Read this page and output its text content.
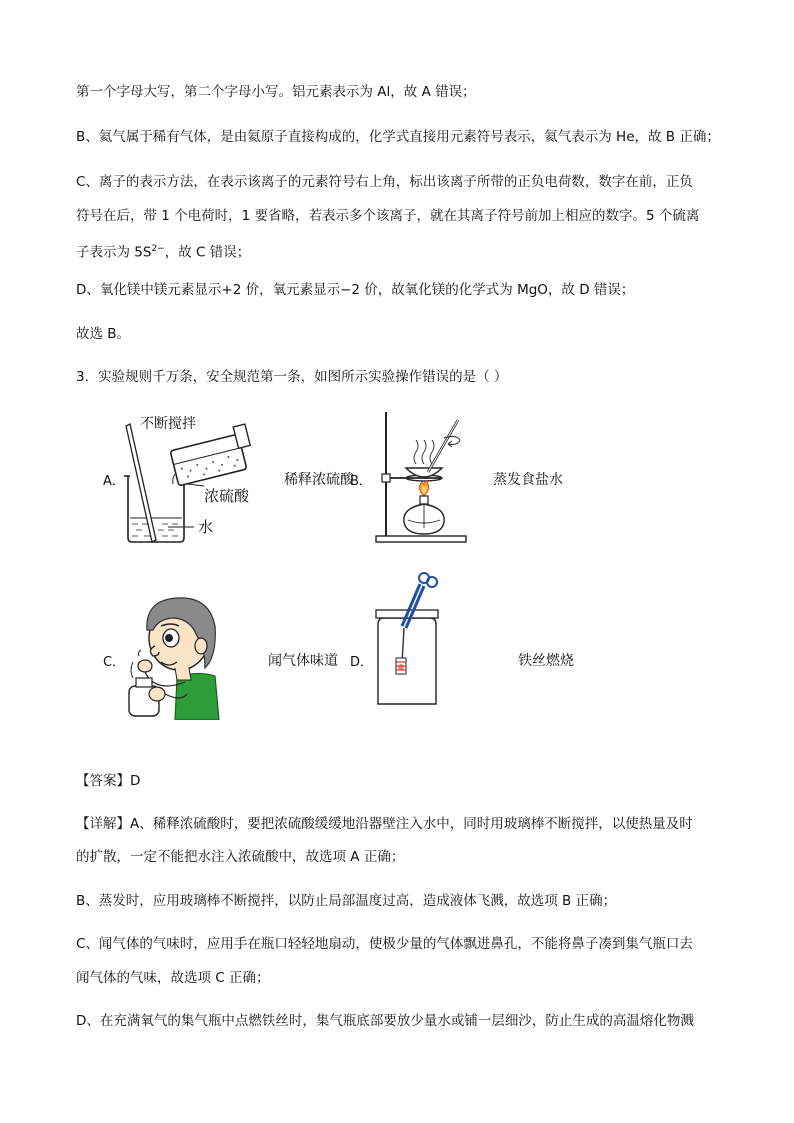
第一个字母大写，第二个字母小写。铝元素表示为 Al，故 A 错误；
B、氦气属于稀有气体，是由氦原子直接构成的，化学式直接用元素符号表示，氦气表示为 He，故 B 正确；
C、离子的表示方法，在表示该离子的元素符号右上角，标出该离子所带的正负电荷数，数字在前，正负
符号在后，带 1 个电荷时，1 要省略，若表示多个该离子，就在其离子符号前加上相应的数字。5 个硫离
子表示为 $5S^{2-}$，故 C 错误；
D、氧化镁中镁元素显示+2 价，氧元素显示−2 价，故氧化镁的化学式为 MgO，故 D 错误；
故选 B。
3．实验规则千万条，安全规范第一条，如图所示实验操作错误的是（ ）
A．
不断搅拌
浓硫酸
水
稀释浓硫酸
B．	蒸发食盐水
C．	闻气体味道 D．	铁丝燃烧
【答案】D
【详解】A、稀释浓硫酸时，要把浓硫酸缓缓地沿器壁注入水中，同时用玻璃棒不断搅拌，以使热量及时
的扩散，一定不能把水注入浓硫酸中，故选项 A 正确；
B、蒸发时，应用玻璃棒不断搅拌，以防止局部温度过高，造成液体飞溅，故选项 B 正确；
C、闻气体的气味时，应用手在瓶口轻轻地扇动，使极少量的气体飘进鼻孔，不能将鼻子凑到集气瓶口去
闻气体的气味，故选项 C 正确；
D、在充满氧气的集气瓶中点燃铁丝时，集气瓶底部要放少量水或铺一层细沙，防止生成的高温熔化物溅
